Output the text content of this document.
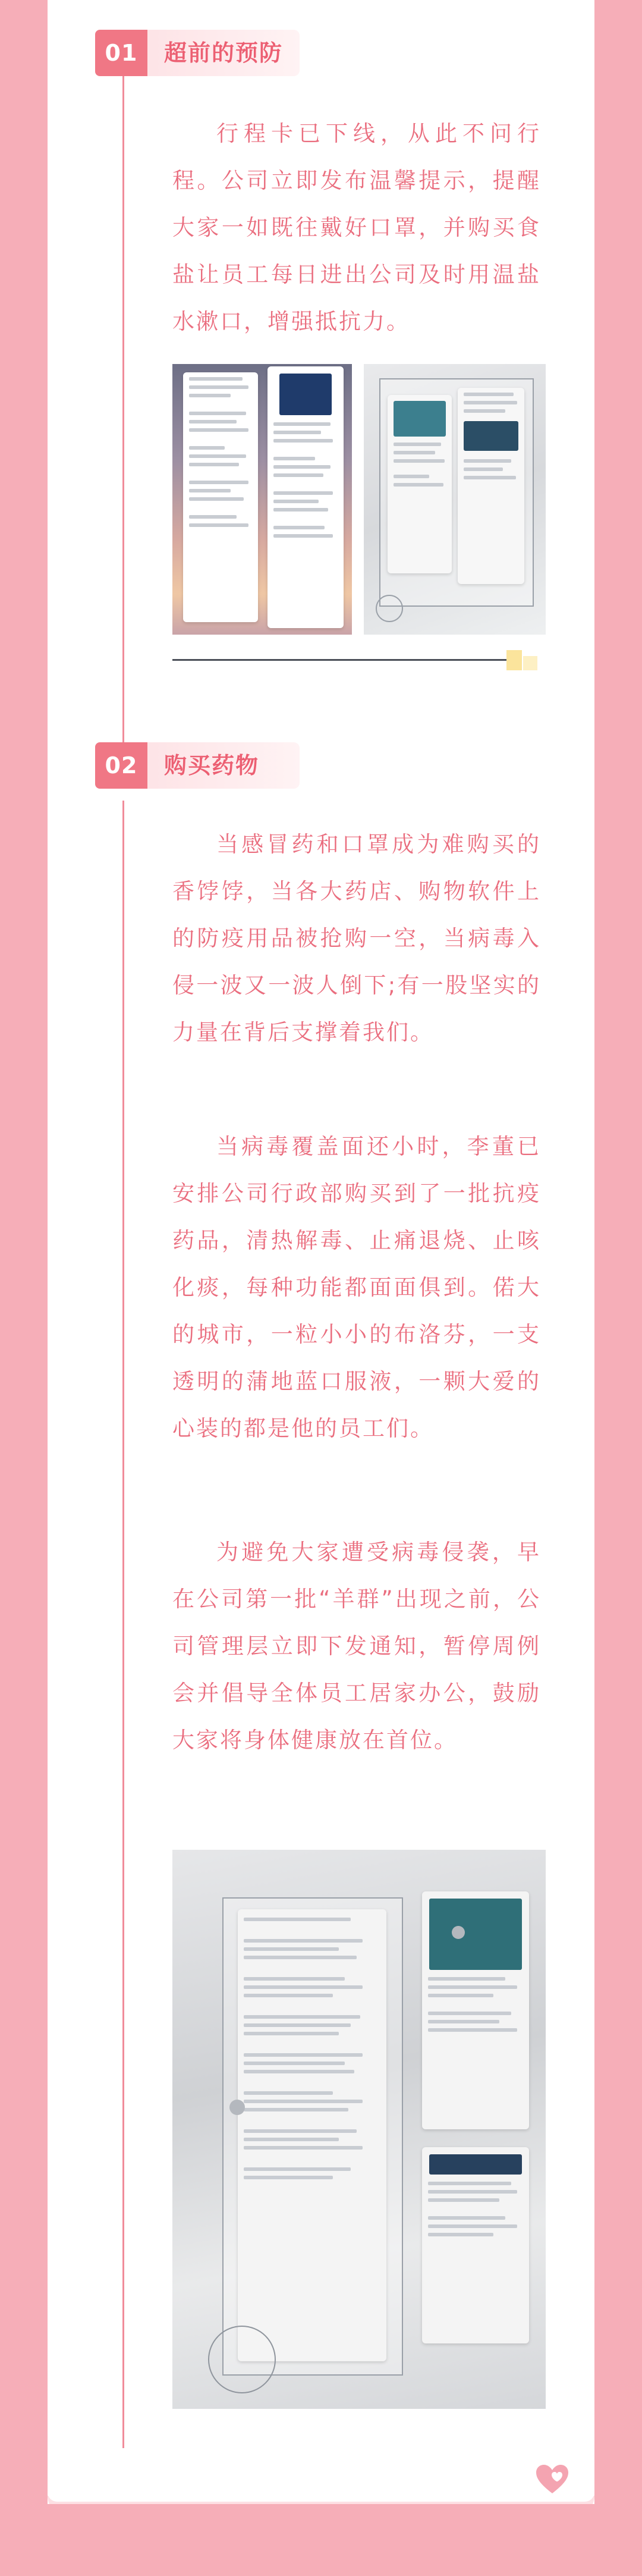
01	超前的预防

行程卡已下线，从此不问行程。公司立即发布温馨提示，提醒大家一如既往戴好口罩，并购买食盐让员工每日进出公司及时用温盐水漱口，增强抵抗力。

02	购买药物

当感冒药和口罩成为难购买的香饽饽，当各大药店、购物软件上的防疫用品被抢购一空，当病毒入侵一波又一波人倒下;有一股坚实的力量在背后支撑着我们。

当病毒覆盖面还小时，李董已安排公司行政部购买到了一批抗疫药品，清热解毒、止痛退烧、止咳化痰，每种功能都面面俱到。偌大的城市，一粒小小的布洛芬，一支透明的蒲地蓝口服液，一颗大爱的心装的都是他的员工们。

为避免大家遭受病毒侵袭，早在公司第一批“羊群”出现之前，公司管理层立即下发通知，暂停周例会并倡导全体员工居家办公，鼓励大家将身体健康放在首位。
